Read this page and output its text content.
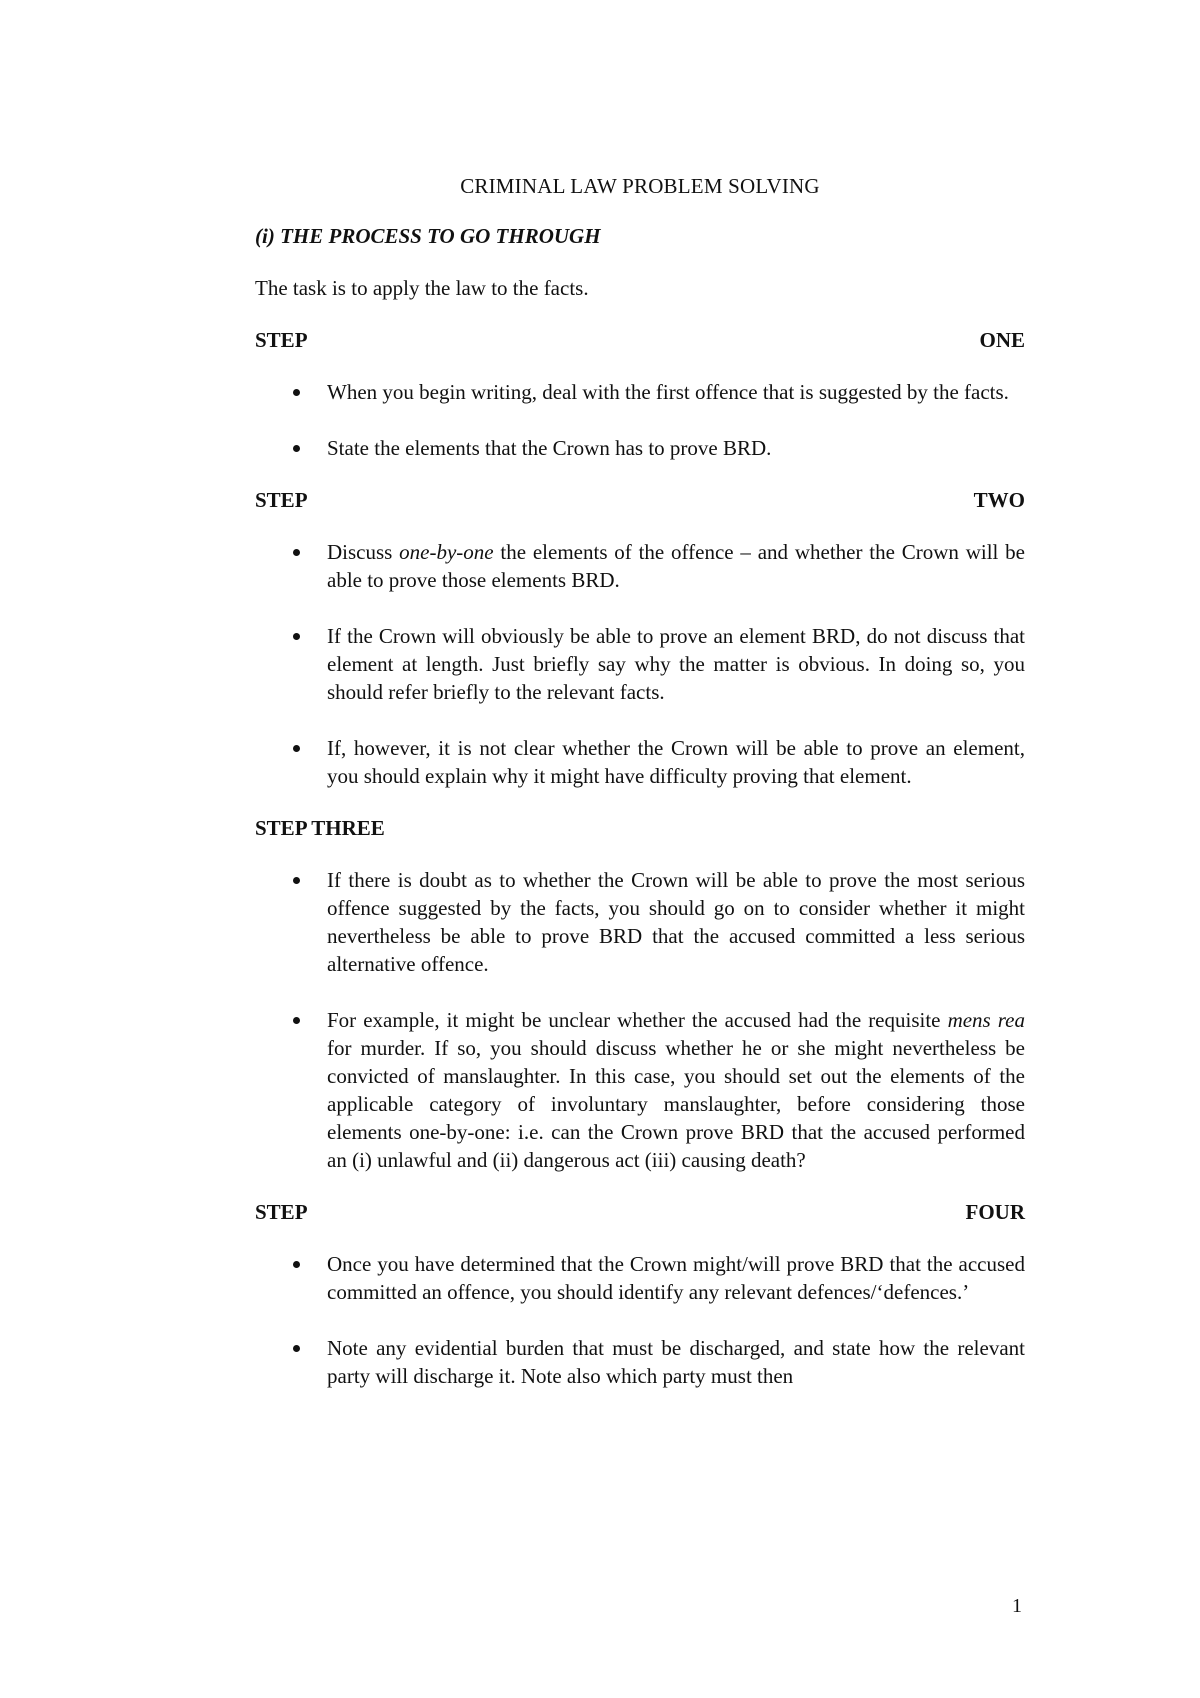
CRIMINAL LAW PROBLEM SOLVING
(i) THE PROCESS TO GO THROUGH
The task is to apply the law to the facts.
STEP	ONE
When you begin writing, deal with the first offence that is suggested by the facts.
State the elements that the Crown has to prove BRD.
STEP	TWO
Discuss one-by-one the elements of the offence – and whether the Crown will be able to prove those elements BRD.
If the Crown will obviously be able to prove an element BRD, do not discuss that element at length. Just briefly say why the matter is obvious. In doing so, you should refer briefly to the relevant facts.
If, however, it is not clear whether the Crown will be able to prove an element, you should explain why it might have difficulty proving that element.
STEP THREE
If there is doubt as to whether the Crown will be able to prove the most serious offence suggested by the facts, you should go on to consider whether it might nevertheless be able to prove BRD that the accused committed a less serious alternative offence.
For example, it might be unclear whether the accused had the requisite mens rea for murder. If so, you should discuss whether he or she might nevertheless be convicted of manslaughter. In this case, you should set out the elements of the applicable category of involuntary manslaughter, before considering those elements one-by-one: i.e. can the Crown prove BRD that the accused performed an (i) unlawful and (ii) dangerous act (iii) causing death?
STEP	FOUR
Once you have determined that the Crown might/will prove BRD that the accused committed an offence, you should identify any relevant defences/‘defences.’
Note any evidential burden that must be discharged, and state how the relevant party will discharge it. Note also which party must then
1
